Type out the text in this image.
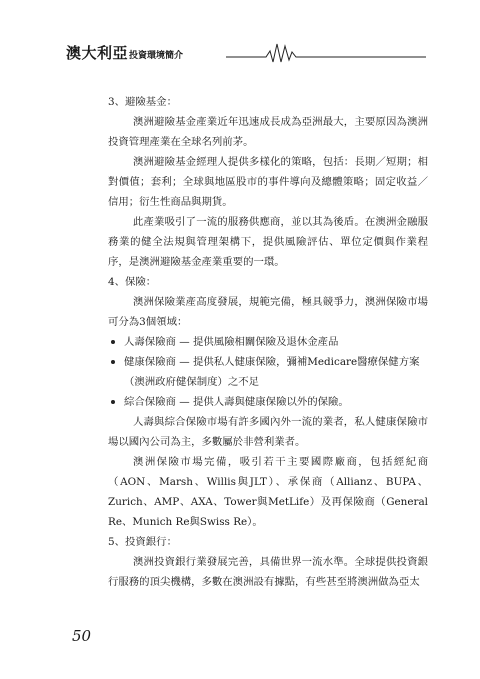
澳大利亞投資環境簡介

3、避險基金：

澳洲避險基金產業近年迅速成長成為亞洲最大，主要原因為澳洲投資管理產業在全球名列前茅。

澳洲避險基金經理人提供多樣化的策略，包括：長期／短期；相對價值；套利；全球與地區股市的事件導向及總體策略；固定收益／信用；衍生性商品與期貨。

此產業吸引了一流的服務供應商，並以其為後盾。在澳洲金融服務業的健全法規與管理架構下，提供風險評估、單位定價與作業程序，是澳洲避險基金產業重要的一環。

4、保險：

澳洲保險業產高度發展，規範完備，極具競爭力，澳洲保險市場可分為3個領域：

人壽保險商 — 提供風險相關保險及退休金產品
健康保險商 — 提供私人健康保險，彌補Medicare醫療保健方案
（澳洲政府健保制度）之不足
綜合保險商 — 提供人壽與健康保險以外的保險。

人壽與綜合保險市場有許多國內外一流的業者，私人健康保險市場以國內公司為主，多數屬於非營利業者。

澳洲保險市場完備，吸引若干主要國際廠商，包括經紀商（AON、Marsh、Willis與JLT）、承保商（Allianz、BUPA、Zurich、AMP、AXA、Tower與MetLife）及再保險商（General Re、Munich Re與Swiss Re）。

5、投資銀行：

澳洲投資銀行業發展完善，具備世界一流水準。全球提供投資銀行服務的頂尖機構，多數在澳洲設有據點，有些甚至將澳洲做為亞太

50
